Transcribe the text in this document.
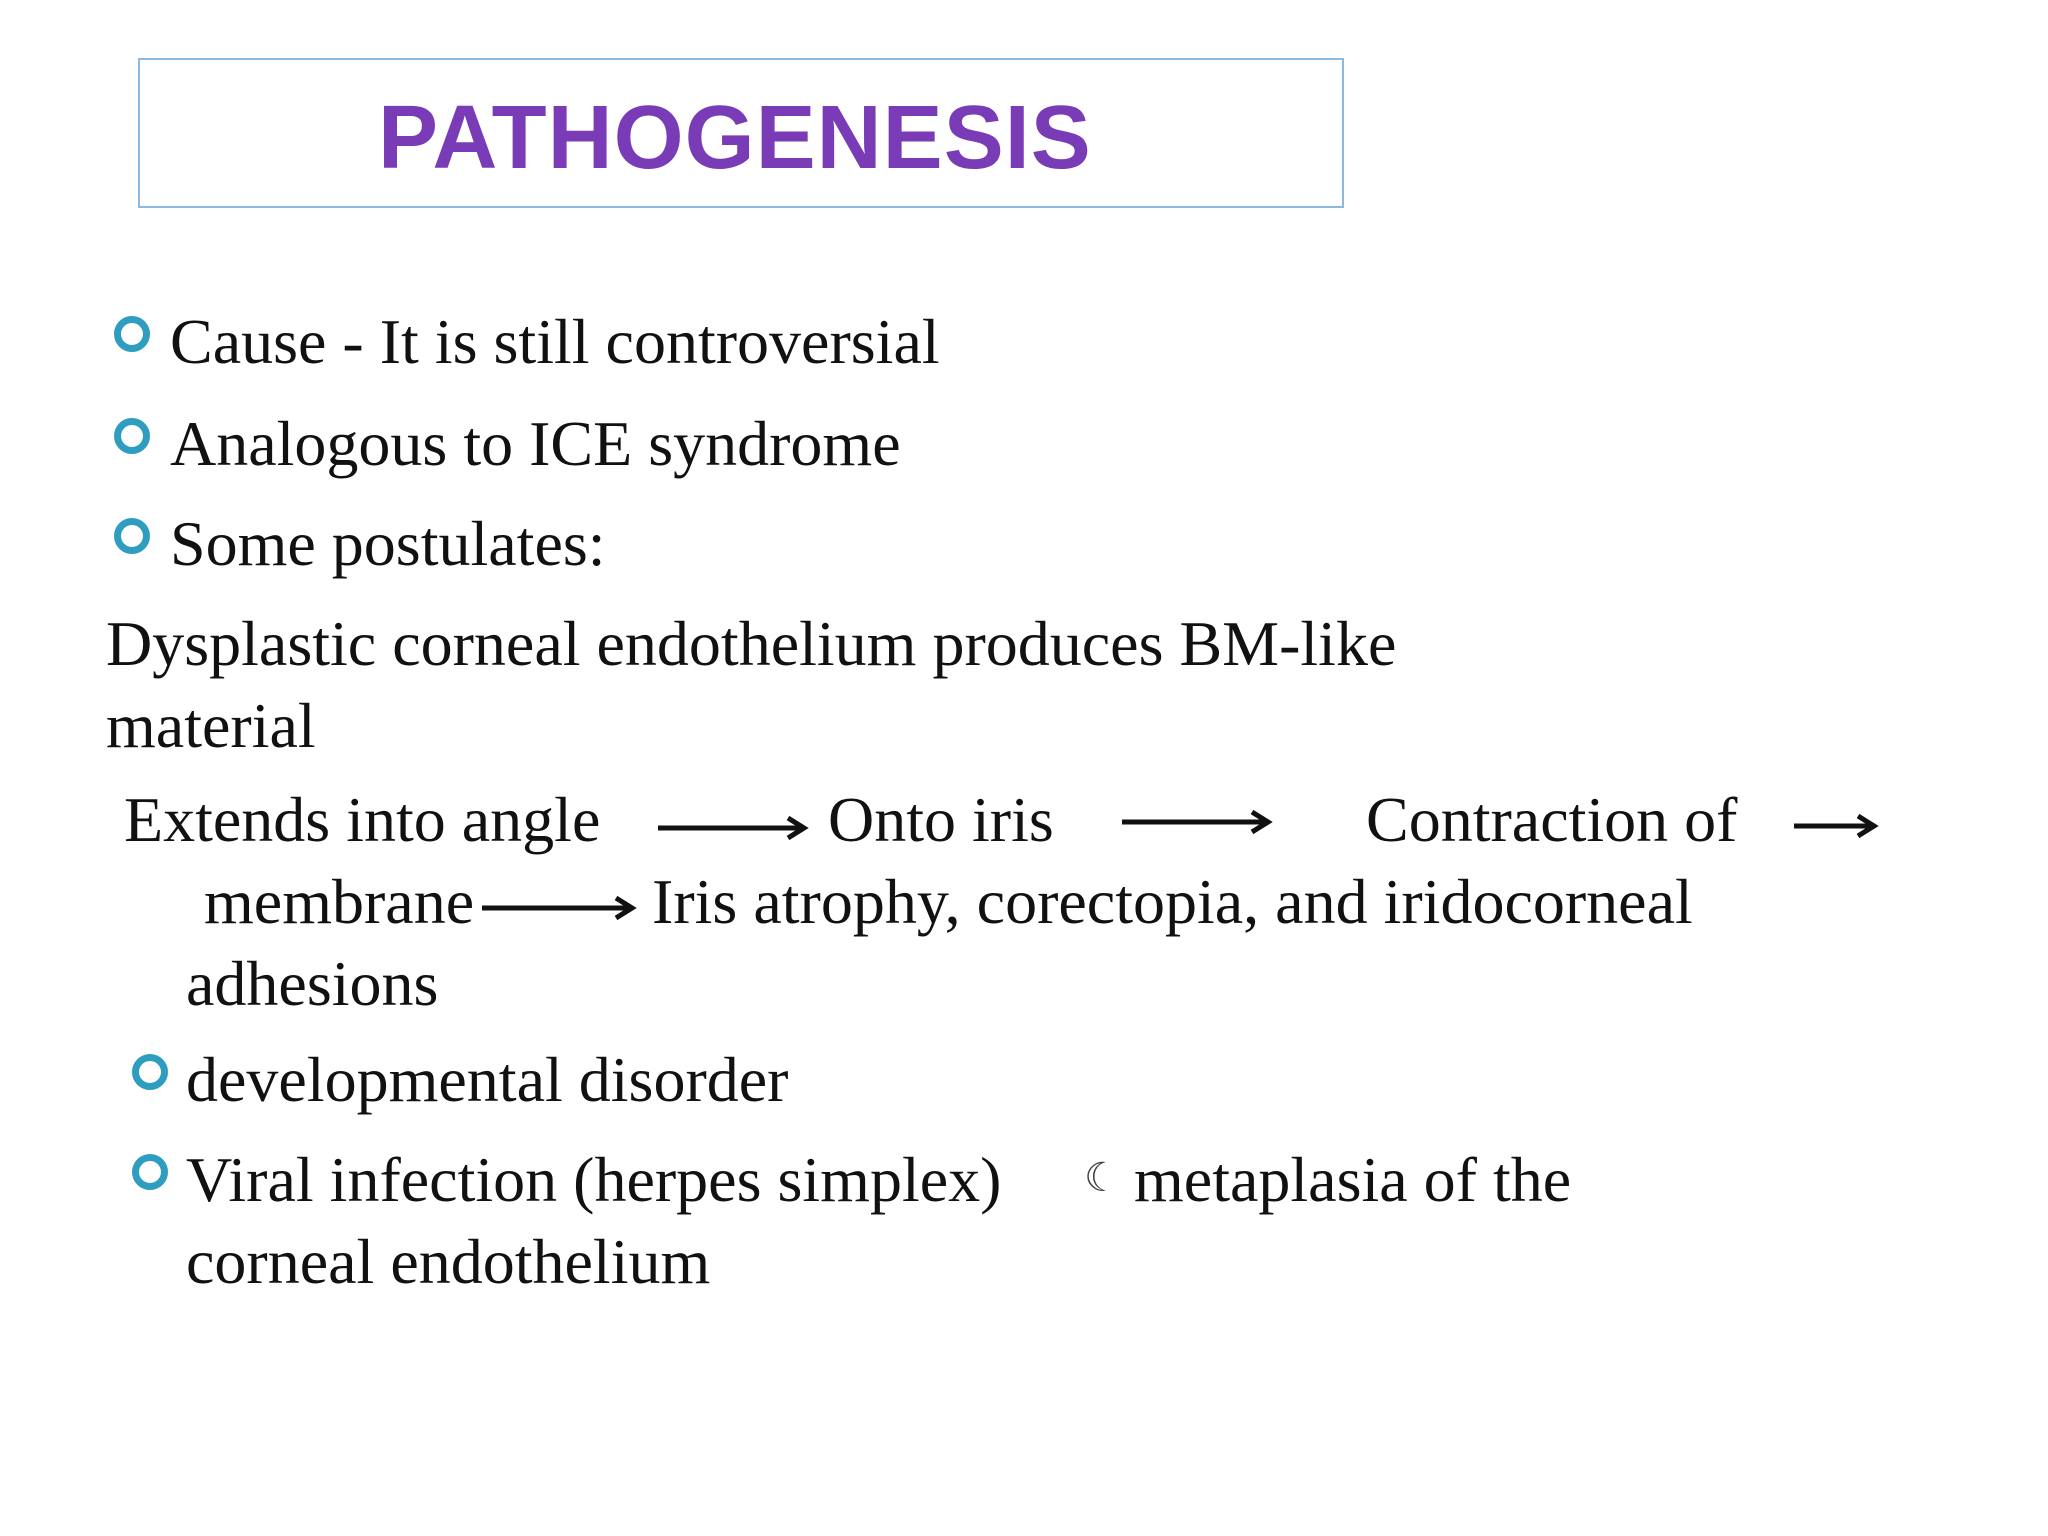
PATHOGENESIS
Cause - It is still controversial
Analogous to ICE syndrome
Some postulates:
Dysplastic corneal endothelium produces BM-like
material
Extends into angle	Onto iris	Contraction of
membrane	Iris atrophy, corectopia, and iridocorneal
adhesions
developmental disorder
Viral infection (herpes simplex) ☾ metaplasia of the
corneal endothelium
